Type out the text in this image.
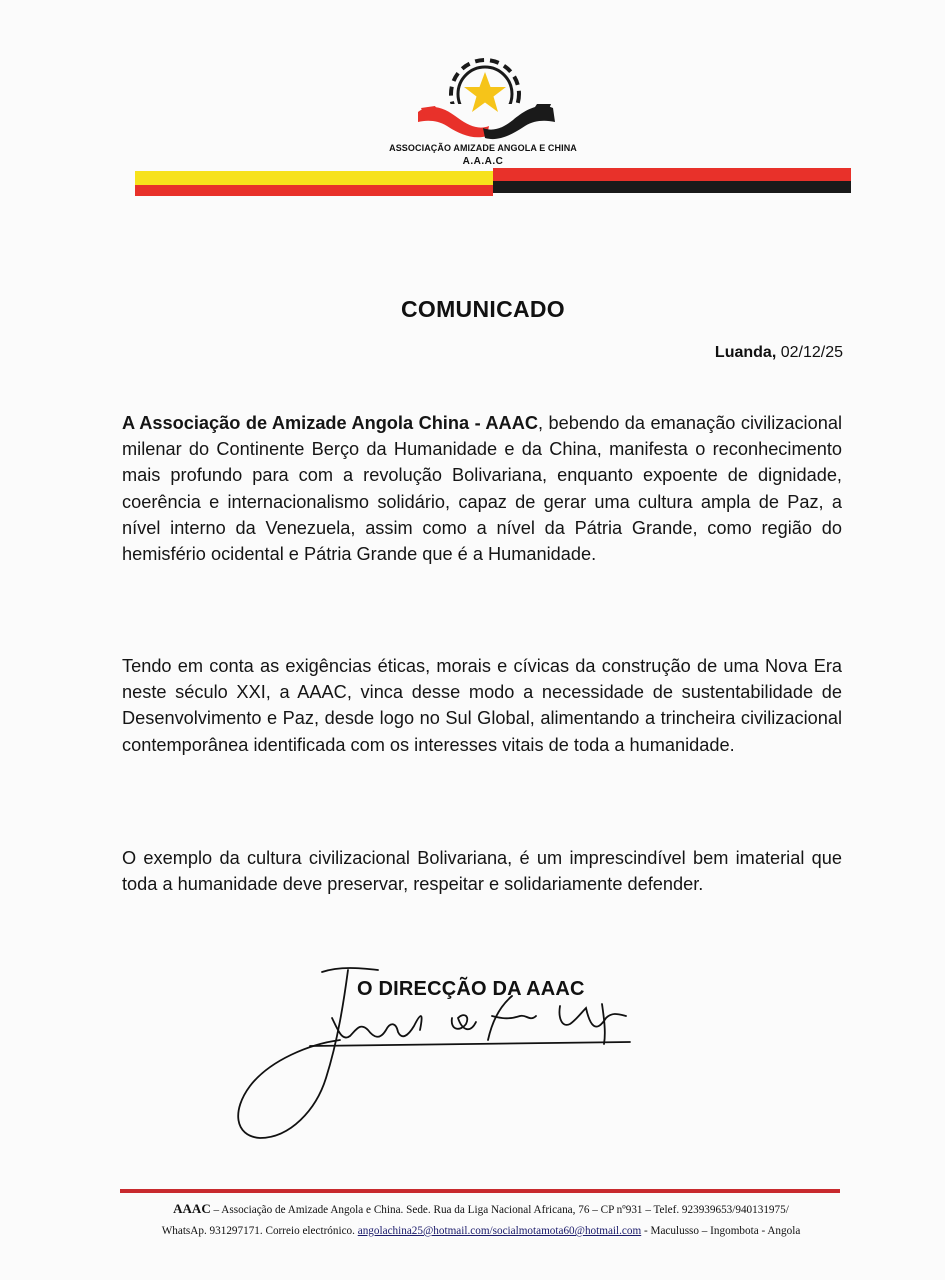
ASSOCIAÇÃO AMIZADE ANGOLA E CHINA
A.A.A.C
COMUNICADO
Luanda, 02/12/25
A Associação de Amizade Angola China - AAAC, bebendo da emanação civilizacional milenar do Continente Berço da Humanidade e da China, manifesta o reconhecimento mais profundo para com a revolução Bolivariana, enquanto expoente de dignidade, coerência e internacionalismo solidário, capaz de gerar uma cultura ampla de Paz, a nível interno da Venezuela, assim como a nível da Pátria Grande, como região do hemisfério ocidental e Pátria Grande que é a Humanidade.
Tendo em conta as exigências éticas, morais e cívicas da construção de uma Nova Era neste século XXI, a AAAC, vinca desse modo a necessidade de sustentabilidade de Desenvolvimento e Paz, desde logo no Sul Global, alimentando a trincheira civilizacional contemporânea identificada com os interesses vitais de toda a humanidade.
O exemplo da cultura civilizacional Bolivariana, é um imprescindível bem imaterial que toda a humanidade deve preservar, respeitar e solidariamente defender.
O DIRECÇÃO DA AAAC
AAAC – Associação de Amizade Angola e China. Sede. Rua da Liga Nacional Africana, 76 – CP nº931 – Telef. 923939653/940131975/
WhatsAp. 931297171. Correio electrónico. angolachina25@hotmail.com/socialmotamota60@hotmail.com - Maculusso – Ingombota - Angola
